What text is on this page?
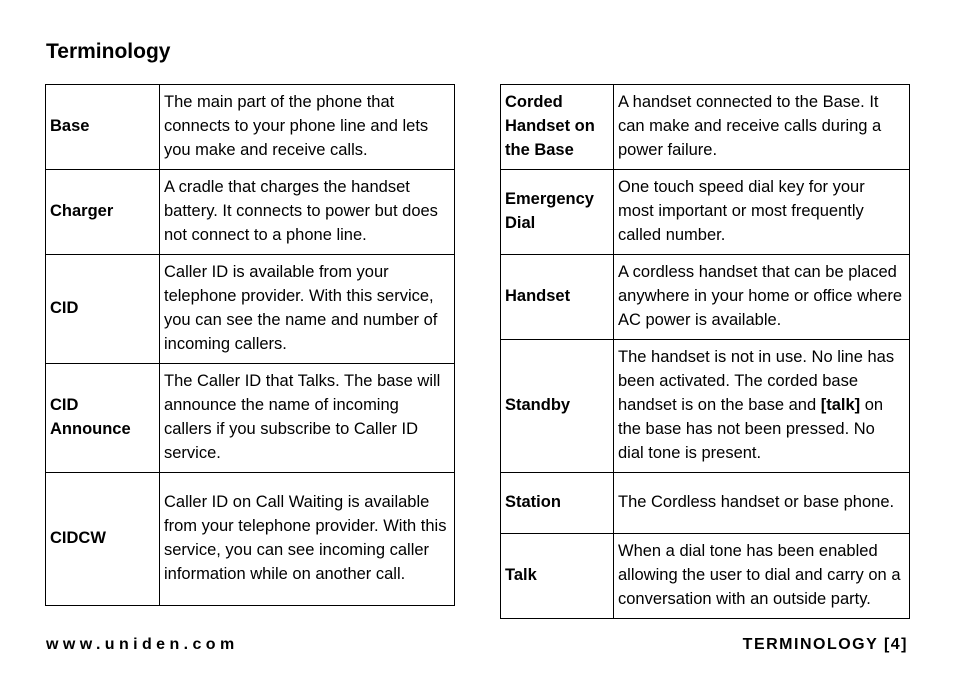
Terminology
Base	The main part of the phone that connects to your phone line and lets you make and receive calls.
Charger	A cradle that charges the handset battery. It connects to power but does not connect to a phone line.
CID	Caller ID is available from your telephone provider. With this service, you can see the name and number of incoming callers.
CID Announce	The Caller ID that Talks. The base will announce the name of incoming callers if you subscribe to Caller ID service.
CIDCW	Caller ID on Call Waiting is available from your telephone provider. With this service, you can see incoming caller information while on another call.
Corded Handset on the Base	A handset connected to the Base. It can make and receive calls during a power failure.
Emergency Dial	One touch speed dial key for your most important or most frequently called number.
Handset	A cordless handset that can be placed anywhere in your home or office where AC power is available.
Standby	The handset is not in use. No line has been activated. The corded base handset is on the base and [talk] on the base has not been pressed. No dial tone is present.
Station	The Cordless handset or base phone.
Talk	When a dial tone has been enabled allowing the user to dial and carry on a conversation with an outside party.
www.uniden.com	TERMINOLOGY [4]
